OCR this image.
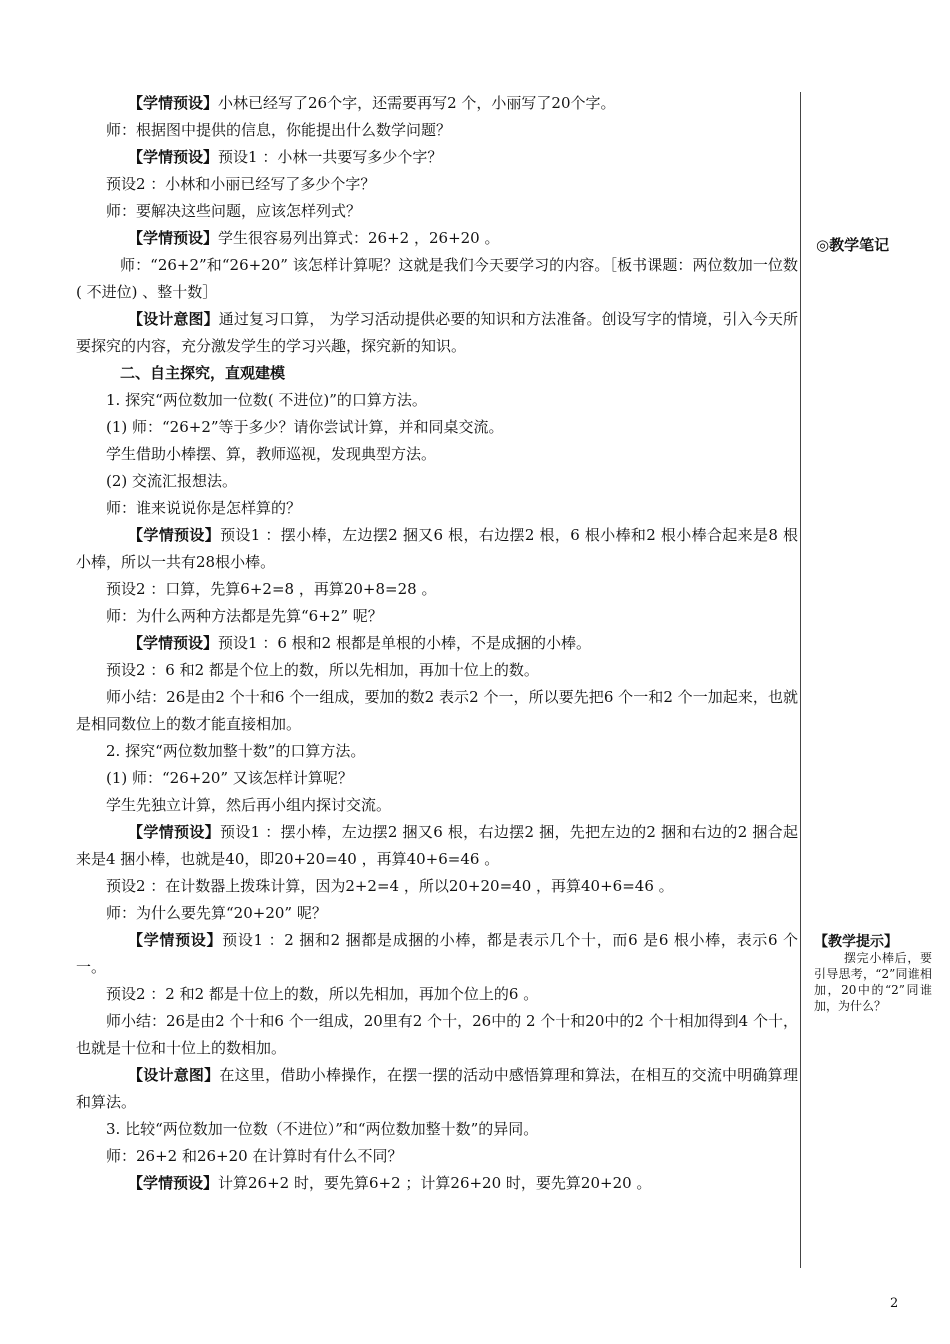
【学情预设】小林已经写了26个字，还需要再写2 个，小丽写了20个字。

师：根据图中提供的信息，你能提出什么数学问题？

【学情预设】预设1 ：小林一共要写多少个字？

预设2 ：小林和小丽已经写了多少个字？

师：要解决这些问题，应该怎样列式？

【学情预设】学生很容易列出算式：26+2 ，26+20 。

师：“26+2”和“26+20” 该怎样计算呢？这就是我们今天要学习的内容。［板书课题：两位数加一位数( 不进位) 、整十数］

【设计意图】通过复习口算， 为学习活动提供必要的知识和方法准备。创设写字的情境，引入今天所要探究的内容，充分激发学生的学习兴趣，探究新的知识。

二、自主探究，直观建模

1. 探究“两位数加一位数( 不进位)”的口算方法。

(1) 师：“26+2”等于多少？请你尝试计算，并和同桌交流。

学生借助小棒摆、算，教师巡视，发现典型方法。

(2) 交流汇报想法。

师：谁来说说你是怎样算的？

【学情预设】预设1 ：摆小棒，左边摆2 捆又6 根，右边摆2 根，6 根小棒和2 根小棒合起来是8 根小棒，所以一共有28根小棒。

预设2 ：口算，先算6+2=8 ，再算20+8=28 。

师：为什么两种方法都是先算“6+2” 呢？

【学情预设】预设1 ：6 根和2 根都是单根的小棒，不是成捆的小棒。

预设2 ：6 和2 都是个位上的数，所以先相加，再加十位上的数。

师小结：26是由2 个十和6 个一组成，要加的数2 表示2 个一，所以要先把6 个一和2 个一加起来，也就是相同数位上的数才能直接相加。

2. 探究“两位数加整十数”的口算方法。

(1) 师：“26+20” 又该怎样计算呢？

学生先独立计算，然后再小组内探讨交流。

【学情预设】预设1 ：摆小棒，左边摆2 捆又6 根，右边摆2 捆，先把左边的2 捆和右边的2 捆合起来是4 捆小棒，也就是40，即20+20=40 ，再算40+6=46 。

预设2 ：在计数器上拨珠计算，因为2+2=4 ，所以20+20=40 ，再算40+6=46 。

师：为什么要先算“20+20” 呢？

【学情预设】预设1 ：2 捆和2 捆都是成捆的小棒，都是表示几个十，而6 是6 根小棒，表示6 个一。

预设2 ：2 和2 都是十位上的数，所以先相加，再加个位上的6 。

师小结：26是由2 个十和6 个一组成，20里有2 个十，26中的 2 个十和20中的2 个十相加得到4 个十，也就是十位和十位上的数相加。

【设计意图】在这里，借助小棒操作，在摆一摆的活动中感悟算理和算法，在相互的交流中明确算理和算法。

3. 比较“两位数加一位数（不进位）”和“两位数加整十数”的异同。

师：26+2 和26+20 在计算时有什么不同？

【学情预设】计算26+2 时，要先算6+2 ；计算26+20 时，要先算20+20 。

◎教学笔记
【教学提示】
摆完小棒后，要引导思考，“2”同谁相加，20中的“2”同谁加，为什么？
2
